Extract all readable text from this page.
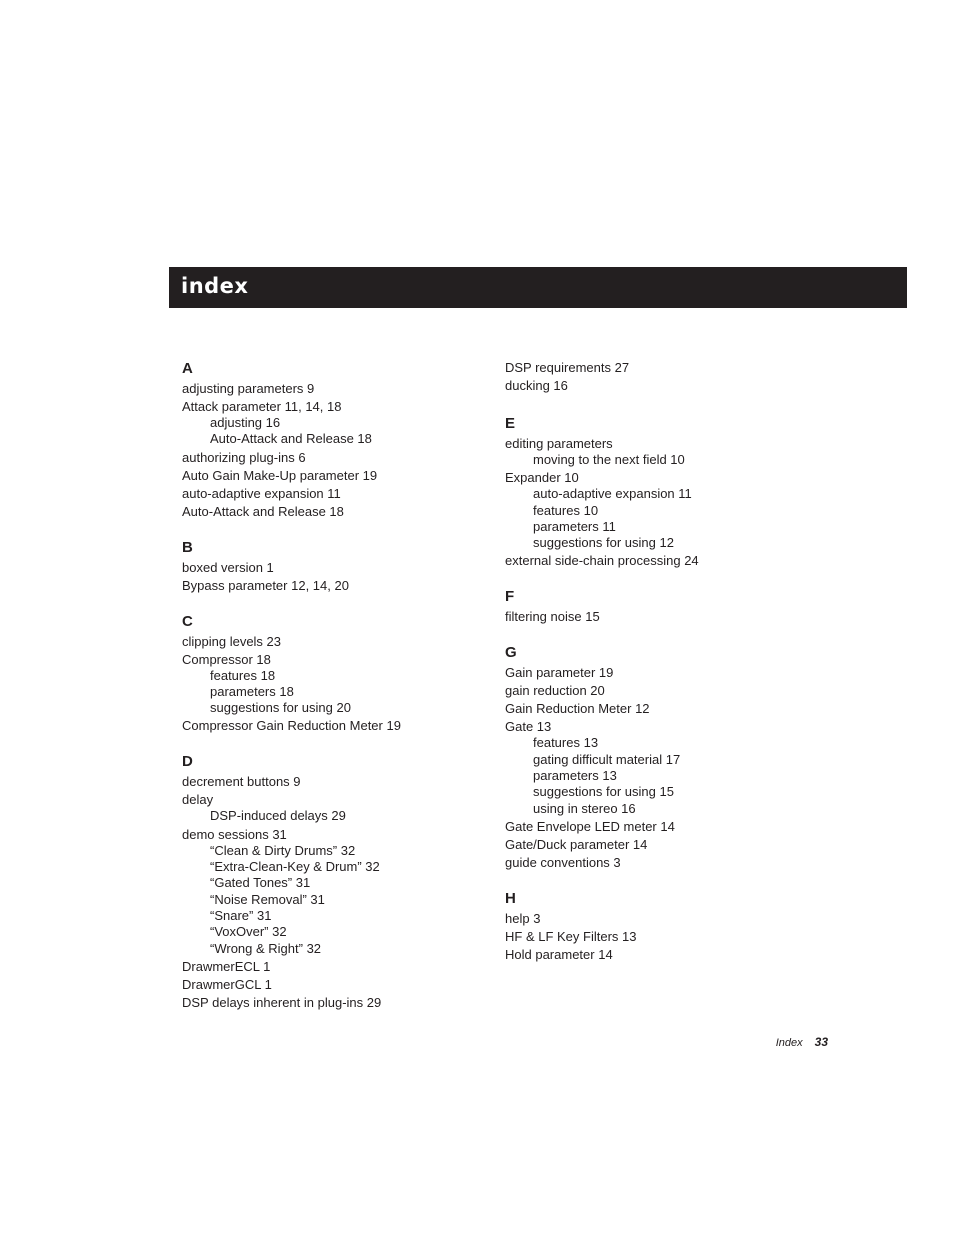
index
A
adjusting parameters 9
Attack parameter 11, 14, 18
adjusting 16
Auto-Attack and Release 18
authorizing plug-ins 6
Auto Gain Make-Up parameter 19
auto-adaptive expansion 11
Auto-Attack and Release 18
B
boxed version 1
Bypass parameter 12, 14, 20
C
clipping levels 23
Compressor 18
features 18
parameters 18
suggestions for using 20
Compressor Gain Reduction Meter 19
D
decrement buttons 9
delay
DSP-induced delays 29
demo sessions 31
“Clean & Dirty Drums” 32
“Extra-Clean-Key & Drum” 32
“Gated Tones” 31
“Noise Removal” 31
“Snare” 31
“VoxOver” 32
“Wrong & Right” 32
DrawmerECL 1
DrawmerGCL 1
DSP delays inherent in plug-ins 29
DSP requirements 27
ducking 16
E
editing parameters
moving to the next field 10
Expander 10
auto-adaptive expansion 11
features 10
parameters 11
suggestions for using 12
external side-chain processing 24
F
filtering noise 15
G
Gain parameter 19
gain reduction 20
Gain Reduction Meter 12
Gate 13
features 13
gating difficult material 17
parameters 13
suggestions for using 15
using in stereo 16
Gate Envelope LED meter 14
Gate/Duck parameter 14
guide conventions 3
H
help 3
HF & LF Key Filters 13
Hold parameter 14
Index 33
